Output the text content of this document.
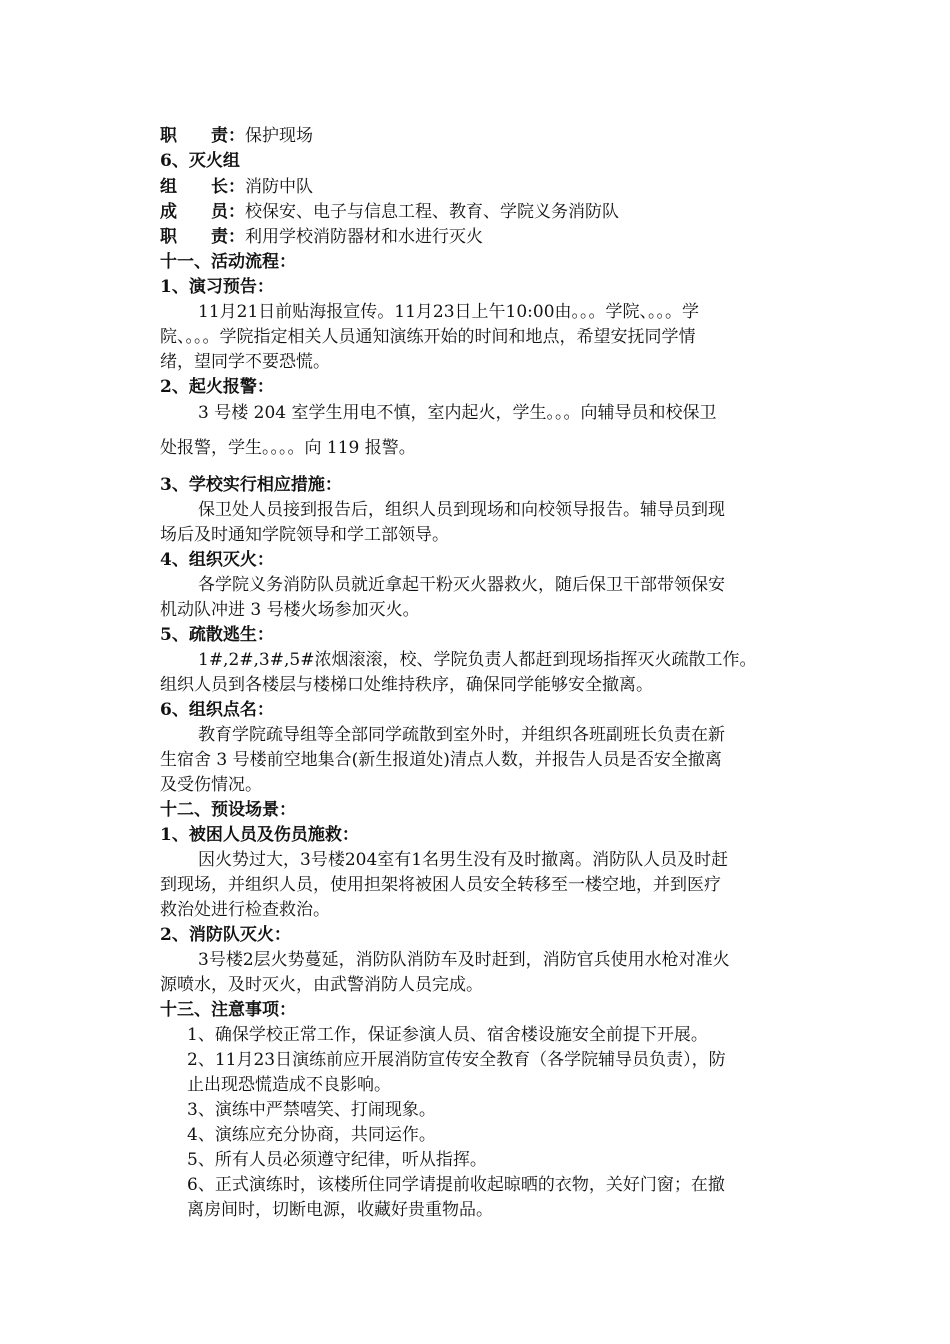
职　　责：保护现场
6、灭火组
组　　长：消防中队
成　　员：校保安、电子与信息工程、教育、学院义务消防队
职　　责：利用学校消防器材和水进行灭火
十一、活动流程：
1、演习预告：
11月21日前贴海报宣传。11月23日上午10:00由。。。学院、。。。学
院、。。。学院指定相关人员通知演练开始的时间和地点，希望安抚同学情
绪，望同学不要恐慌。
2、起火报警：
3 号楼 204 室学生用电不慎，室内起火，学生。。。向辅导员和校保卫
处报警，学生。。。。向 119 报警。
3、学校实行相应措施：
保卫处人员接到报告后，组织人员到现场和向校领导报告。辅导员到现
场后及时通知学院领导和学工部领导。
4、组织灭火：
各学院义务消防队员就近拿起干粉灭火器救火，随后保卫干部带领保安
机动队冲进 3 号楼火场参加灭火。
5、疏散逃生：
1#,2#,3#,5#浓烟滚滚，校、学院负责人都赶到现场指挥灭火疏散工作。
组织人员到各楼层与楼梯口处维持秩序，确保同学能够安全撤离。
6、组织点名：
教育学院疏导组等全部同学疏散到室外时，并组织各班副班长负责在新
生宿舍 3 号楼前空地集合(新生报道处)清点人数，并报告人员是否安全撤离
及受伤情况。
十二、预设场景：
1、被困人员及伤员施救：
因火势过大，3号楼204室有1名男生没有及时撤离。消防队人员及时赶
到现场，并组织人员，使用担架将被困人员安全转移至一楼空地，并到医疗
救治处进行检查救治。
2、消防队灭火：
3号楼2层火势蔓延，消防队消防车及时赶到，消防官兵使用水枪对准火
源喷水，及时灭火，由武警消防人员完成。
十三、注意事项：
1、确保学校正常工作，保证参演人员、宿舍楼设施安全前提下开展。
2、11月23日演练前应开展消防宣传安全教育（各学院辅导员负责），防
止出现恐慌造成不良影响。
3、演练中严禁嘻笑、打闹现象。
4、演练应充分协商，共同运作。
5、所有人员必须遵守纪律，听从指挥。
6、正式演练时，该楼所住同学请提前收起晾晒的衣物，关好门窗；在撤
离房间时，切断电源，收藏好贵重物品。
